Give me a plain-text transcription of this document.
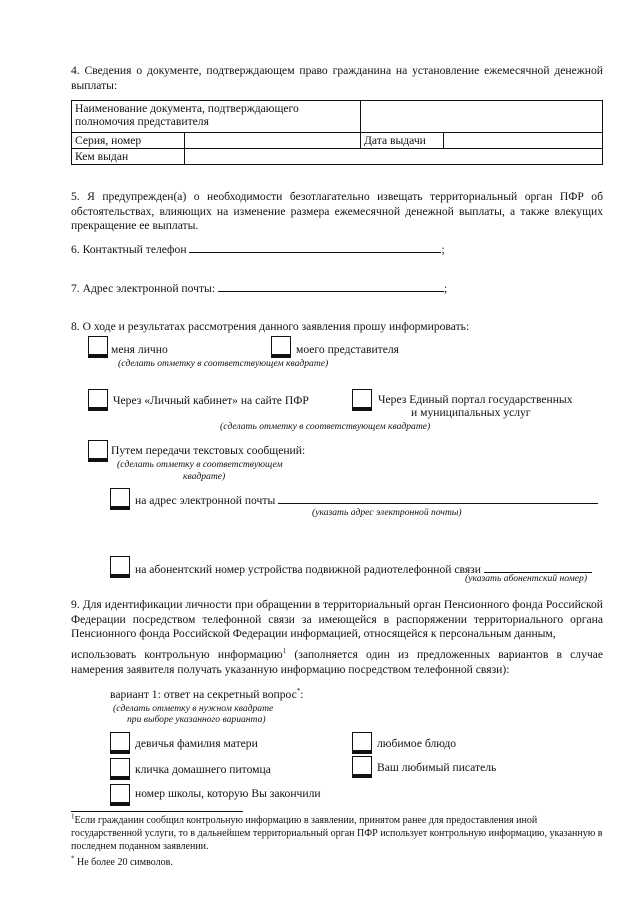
4. Сведения о документе, подтверждающем право гражданина на установление ежемесячной денежной выплаты:
Наименование документа, подтверждающего полномочия представителя			
Серия, номер		Дата выдачи	
Кем выдан			
5. Я предупрежден(а) о необходимости безотлагательно извещать территориальный орган ПФР об обстоятельствах, влияющих на изменение размера ежемесячной денежной выплаты, а также влекущих прекращение ее выплаты.
6. Контактный телефон	;
7. Адрес электронной почты:	;
8. О ходе и результатах рассмотрения данного заявления прошу информировать:
меня лично	моего представителя
(сделать отметку в соответствующем квадрате)
Через «Личный кабинет» на сайте ПФР	Через Единый портал государственных
и муниципальных услуг
(сделать отметку в соответствующем квадрате)
Путем передачи текстовых сообщений:
(сделать отметку в соответствующем
квадрате)
на адрес электронной почты
(указать адрес электронной почты)
на абонентский номер устройства подвижной радиотелефонной связи
(указать абонентский номер)
9. Для идентификации личности при обращении в территориальный орган Пенсионного фонда Российской Федерации посредством телефонной связи за имеющейся в распоряжении территориального органа Пенсионного фонда Российской Федерации информацией, относящейся к персональным данным,
использовать контрольную информацию$^1$ (заполняется один из предложенных вариантов в случае намерения заявителя получать указанную информацию посредством телефонной связи):
вариант 1: ответ на секретный вопрос*:
(сделать отметку в нужном квадрате
при выборе указанного варианта)
девичья фамилия матери	любимое блюдо
кличка домашнего питомца	Ваш любимый писатель
номер школы, которую Вы закончили
$^1$Если гражданин сообщил контрольную информацию в заявлении, принятом ранее для предоставления иной государственной услуги, то в дальнейшем территориальный орган ПФР использует контрольную информацию, указанную в последнем поданном заявлении.
* Не более 20 символов.
